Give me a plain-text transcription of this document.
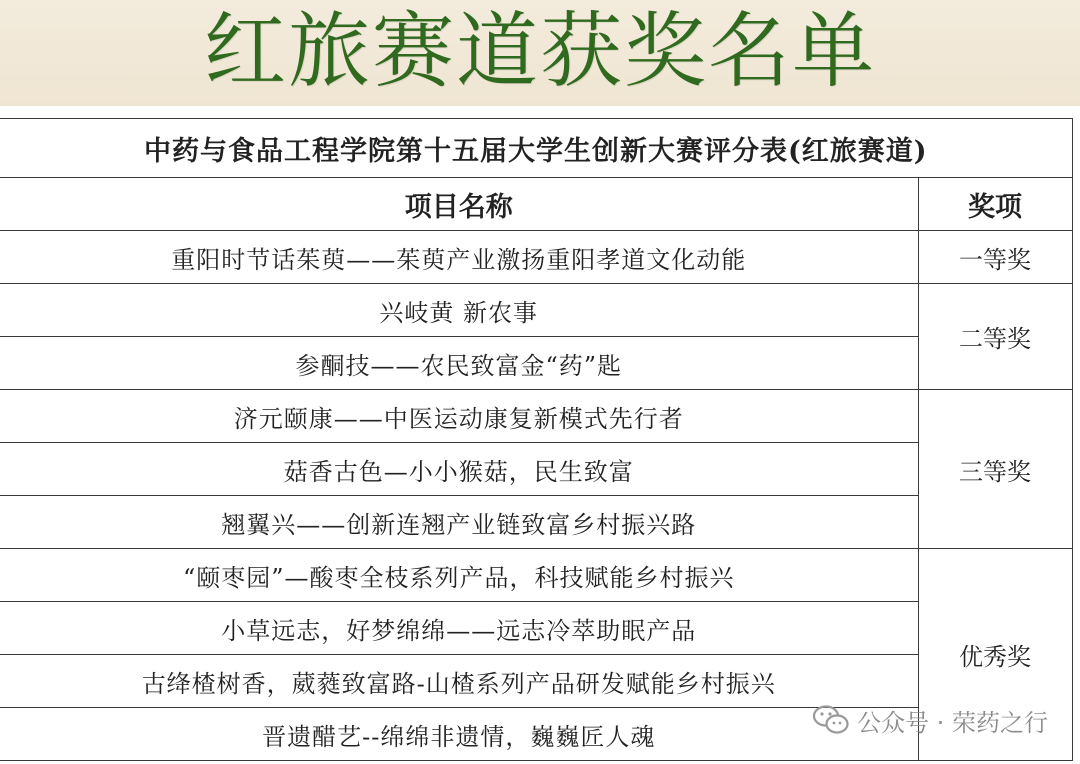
红旅赛道获奖名单
中药与食品工程学院第十五届大学生创新大赛评分表(红旅赛道)	
项目名称	奖项
重阳时节话茱萸——茱萸产业激扬重阳孝道文化动能	一等奖
兴岐黄 新农事	二等奖
参酮技——农民致富金“药”匙	
济元颐康——中医运动康复新模式先行者	三等奖
菇香古色—小小猴菇，民生致富	
翘翼兴——创新连翘产业链致富乡村振兴路	
“颐枣园”—酸枣全枝系列产品，科技赋能乡村振兴	优秀奖
小草远志，好梦绵绵——远志冷萃助眠产品	
古绛楂树香，葳蕤致富路-山楂系列产品研发赋能乡村振兴	
晋遗醋艺--绵绵非遗情，巍巍匠人魂		公众号 · 荣药之行
